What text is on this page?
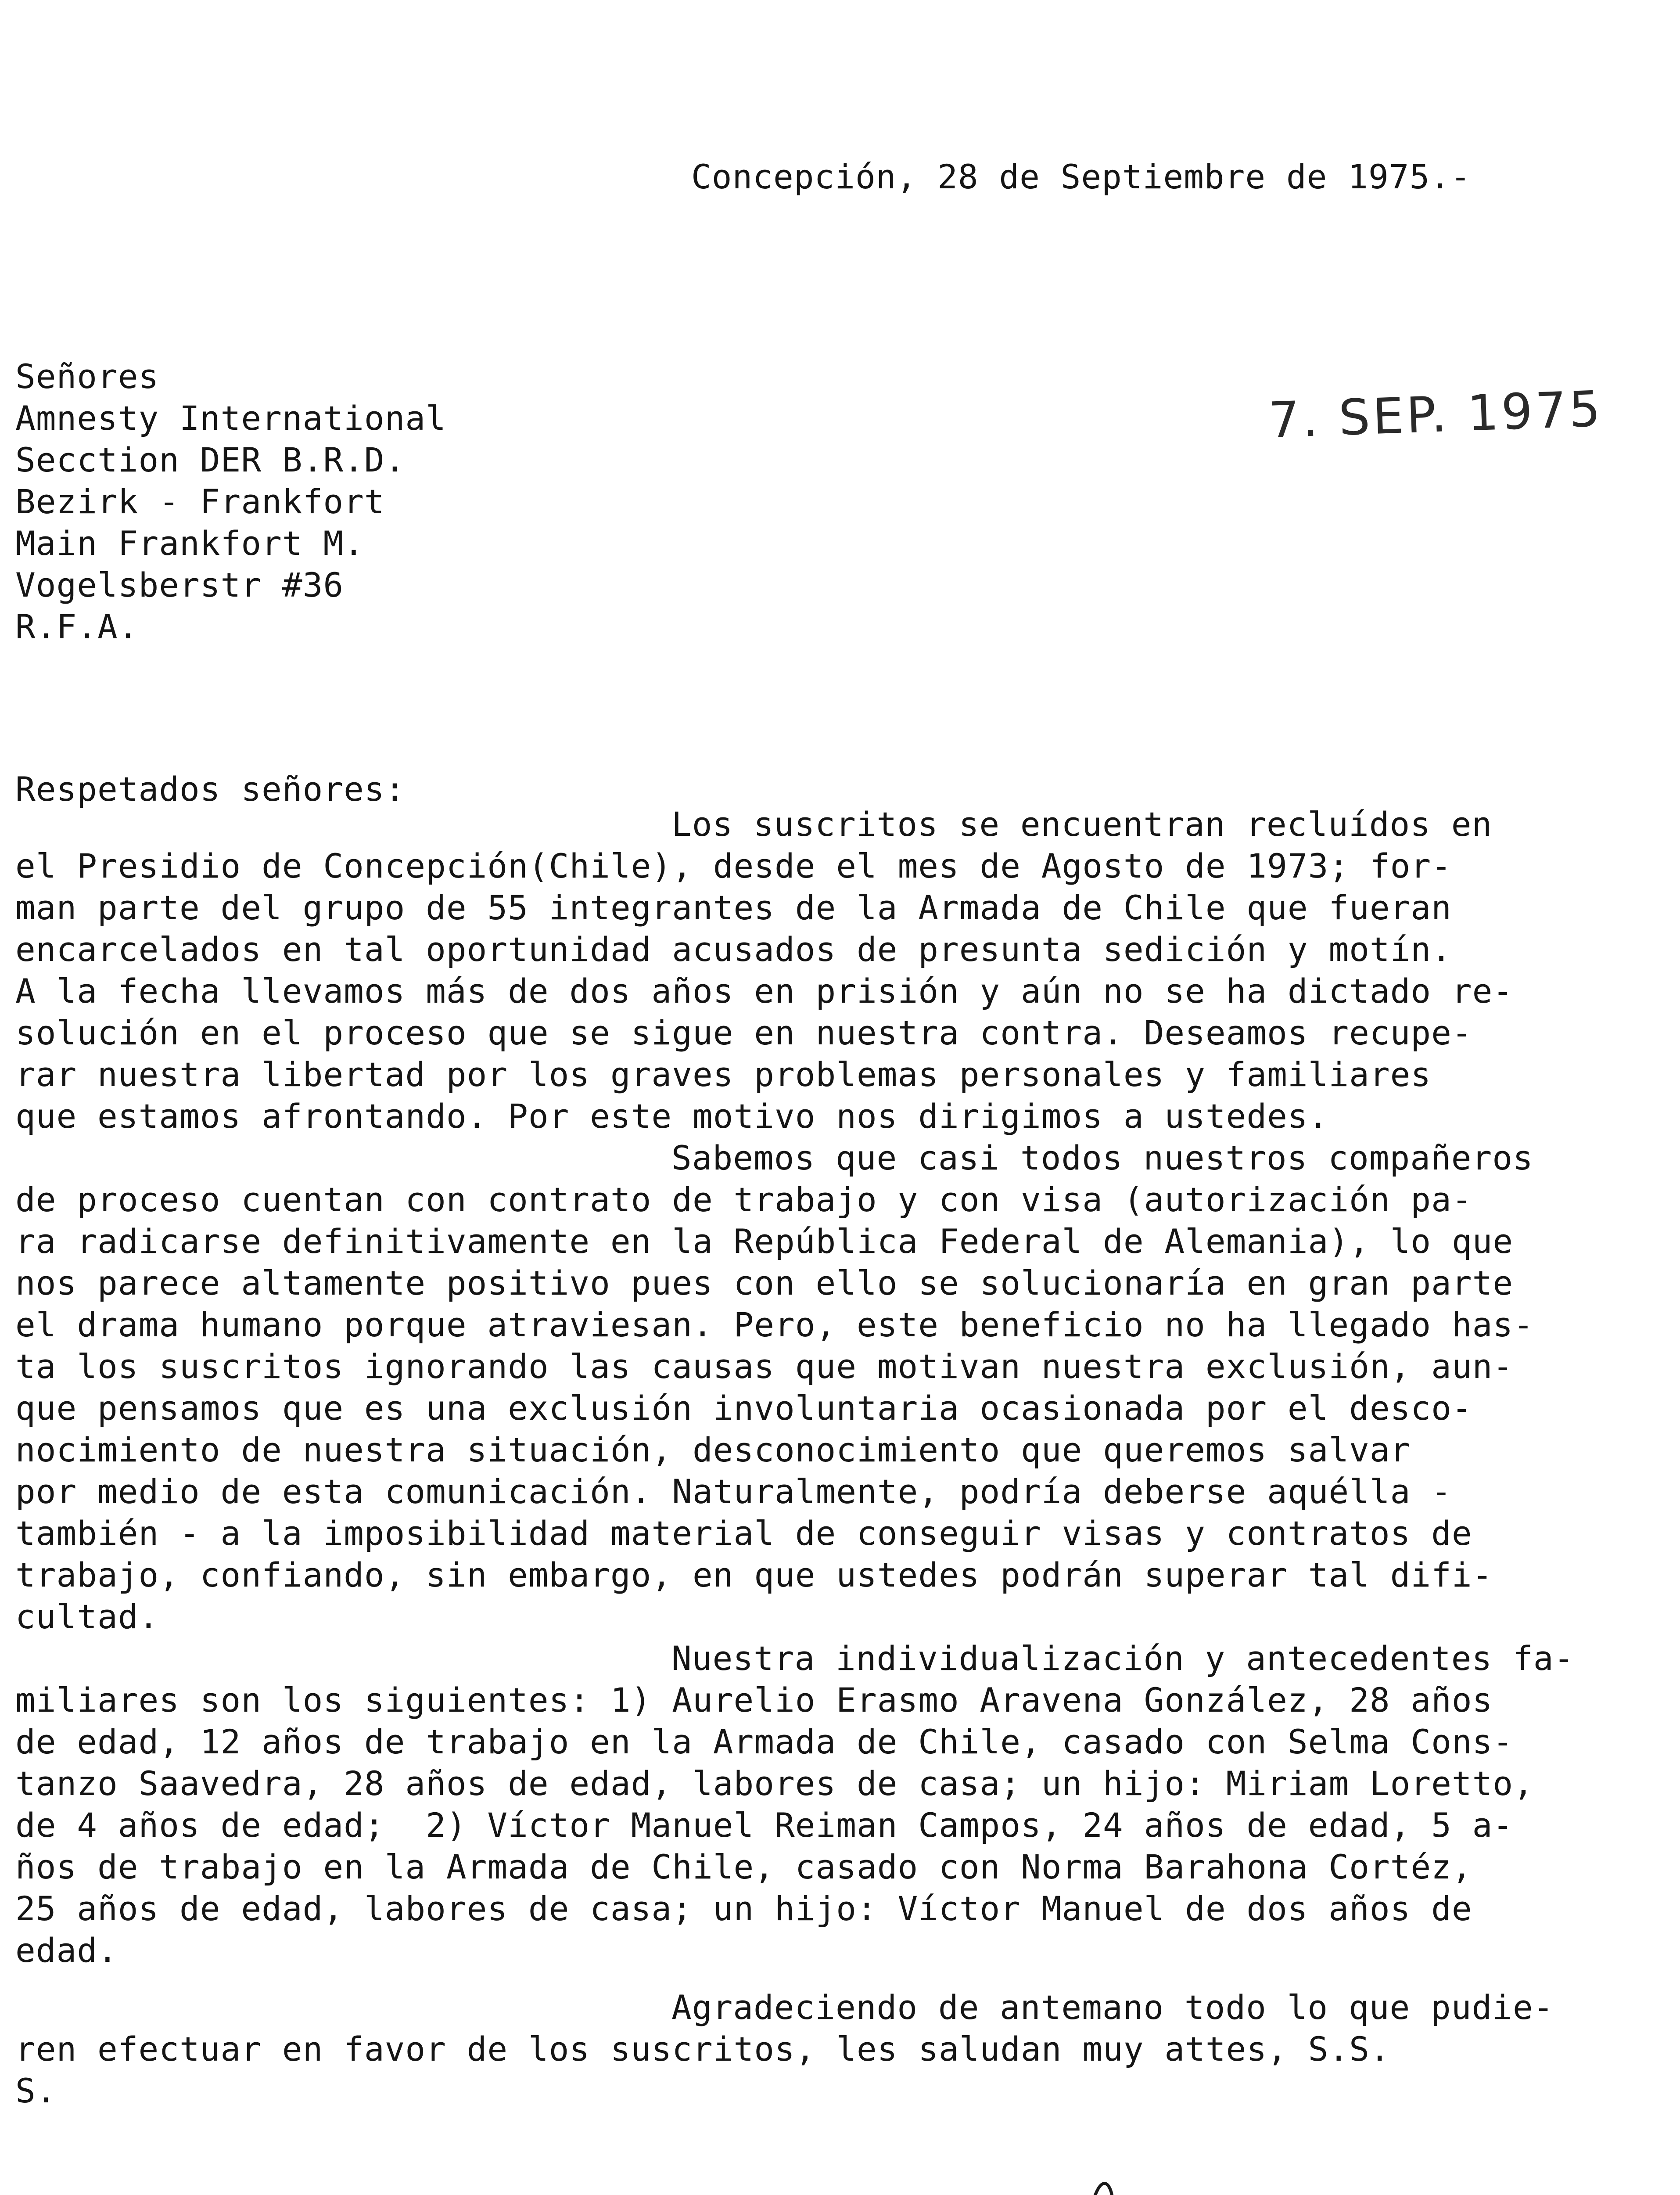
Concepción, 28 de Septiembre de 1975.-
7. SEP. 1975
Señores
Amnesty International
Secction DER B.R.D.
Bezirk - Frankfort
Main Frankfort M.
Vogelsberstr #36
R.F.A.
Respetados señores:
Los suscritos se encuentran recluídos en
el Presidio de Concepción(Chile), desde el mes de Agosto de 1973; for-
man parte del grupo de 55 integrantes de la Armada de Chile que fueran
encarcelados en tal oportunidad acusados de presunta sedición y motín.
A la fecha llevamos más de dos años en prisión y aún no se ha dictado re-
solución en el proceso que se sigue en nuestra contra. Deseamos recupe-
rar nuestra libertad por los graves problemas personales y familiares
que estamos afrontando. Por este motivo nos dirigimos a ustedes.
Sabemos que casi todos nuestros compañeros
de proceso cuentan con contrato de trabajo y con visa (autorización pa-
ra radicarse definitivamente en la República Federal de Alemania), lo que
nos parece altamente positivo pues con ello se solucionaría en gran parte
el drama humano porque atraviesan. Pero, este beneficio no ha llegado has-
ta los suscritos ignorando las causas que motivan nuestra exclusión, aun-
que pensamos que es una exclusión involuntaria ocasionada por el desco-
nocimiento de nuestra situación, desconocimiento que queremos salvar
por medio de esta comunicación. Naturalmente, podría deberse aquélla -
también - a la imposibilidad material de conseguir visas y contratos de
trabajo, confiando, sin embargo, en que ustedes podrán superar tal difi-
cultad.
Nuestra individualización y antecedentes fa-
miliares son los siguientes: 1) Aurelio Erasmo Aravena González, 28 años
de edad, 12 años de trabajo en la Armada de Chile, casado con Selma Cons-
tanzo Saavedra, 28 años de edad, labores de casa; un hijo: Miriam Loretto,
de 4 años de edad;  2) Víctor Manuel Reiman Campos, 24 años de edad, 5 a-
ños de trabajo en la Armada de Chile, casado con Norma Barahona Cortéz,
25 años de edad, labores de casa; un hijo: Víctor Manuel de dos años de
edad.
Agradeciendo de antemano todo lo que pudie-
ren efectuar en favor de los suscritos, les saludan muy attes, S.S.
S.
